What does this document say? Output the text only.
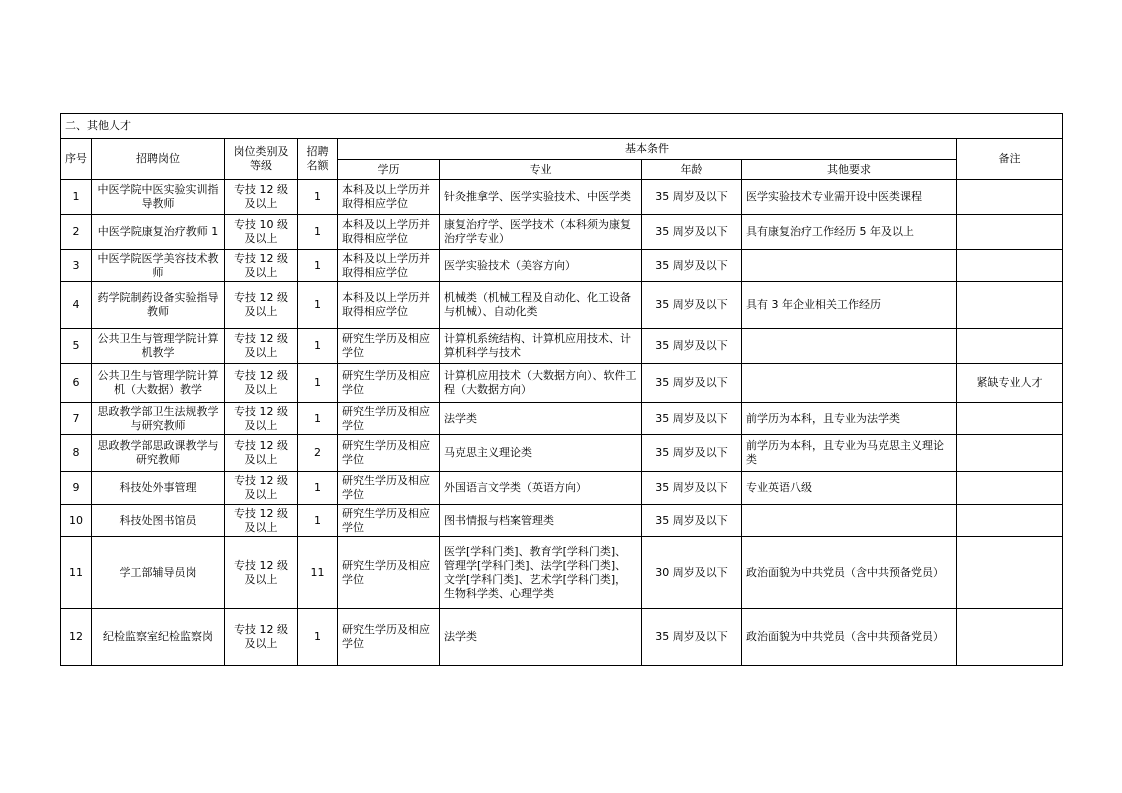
二、其他人才								
序号	招聘岗位	岗位类别及等级	招聘名额	基本条件				备注
				学历	专业	年龄	其他要求	
1	中医学院中医实验实训指导教师	专技 12 级及以上	1	本科及以上学历并取得相应学位	针灸推拿学、医学实验技术、中医学类	35 周岁及以下	医学实验技术专业需开设中医类课程	
2	中医学院康复治疗教师 1	专技 10 级及以上	1	本科及以上学历并取得相应学位	康复治疗学、医学技术（本科须为康复治疗学专业）	35 周岁及以下	具有康复治疗工作经历 5 年及以上	
3	中医学院医学美容技术教师	专技 12 级及以上	1	本科及以上学历并取得相应学位	医学实验技术（美容方向）	35 周岁及以下		
4	药学院制药设备实验指导教师	专技 12 级及以上	1	本科及以上学历并取得相应学位	机械类（机械工程及自动化、化工设备与机械）、自动化类	35 周岁及以下	具有 3 年企业相关工作经历	
5	公共卫生与管理学院计算机教学	专技 12 级及以上	1	研究生学历及相应学位	计算机系统结构、计算机应用技术、计算机科学与技术	35 周岁及以下		
6	公共卫生与管理学院计算机（大数据）教学	专技 12 级及以上	1	研究生学历及相应学位	计算机应用技术（大数据方向）、软件工程（大数据方向）	35 周岁及以下		紧缺专业人才
7	思政教学部卫生法规教学与研究教师	专技 12 级及以上	1	研究生学历及相应学位	法学类	35 周岁及以下	前学历为本科，且专业为法学类	
8	思政教学部思政课教学与研究教师	专技 12 级及以上	2	研究生学历及相应学位	马克思主义理论类	35 周岁及以下	前学历为本科，且专业为马克思主义理论类	
9	科技处外事管理	专技 12 级及以上	1	研究生学历及相应学位	外国语言文学类（英语方向）	35 周岁及以下	专业英语八级	
10	科技处图书馆员	专技 12 级及以上	1	研究生学历及相应学位	图书情报与档案管理类	35 周岁及以下		
11	学工部辅导员岗	专技 12 级及以上	11	研究生学历及相应学位	医学[学科门类]、教育学[学科门类]、管理学[学科门类]、法学[学科门类]、文学[学科门类]、艺术学[学科门类]，生物科学类、心理学类	30 周岁及以下	政治面貌为中共党员（含中共预备党员）	
12	纪检监察室纪检监察岗	专技 12 级及以上	1	研究生学历及相应学位	法学类	35 周岁及以下	政治面貌为中共党员（含中共预备党员）	
